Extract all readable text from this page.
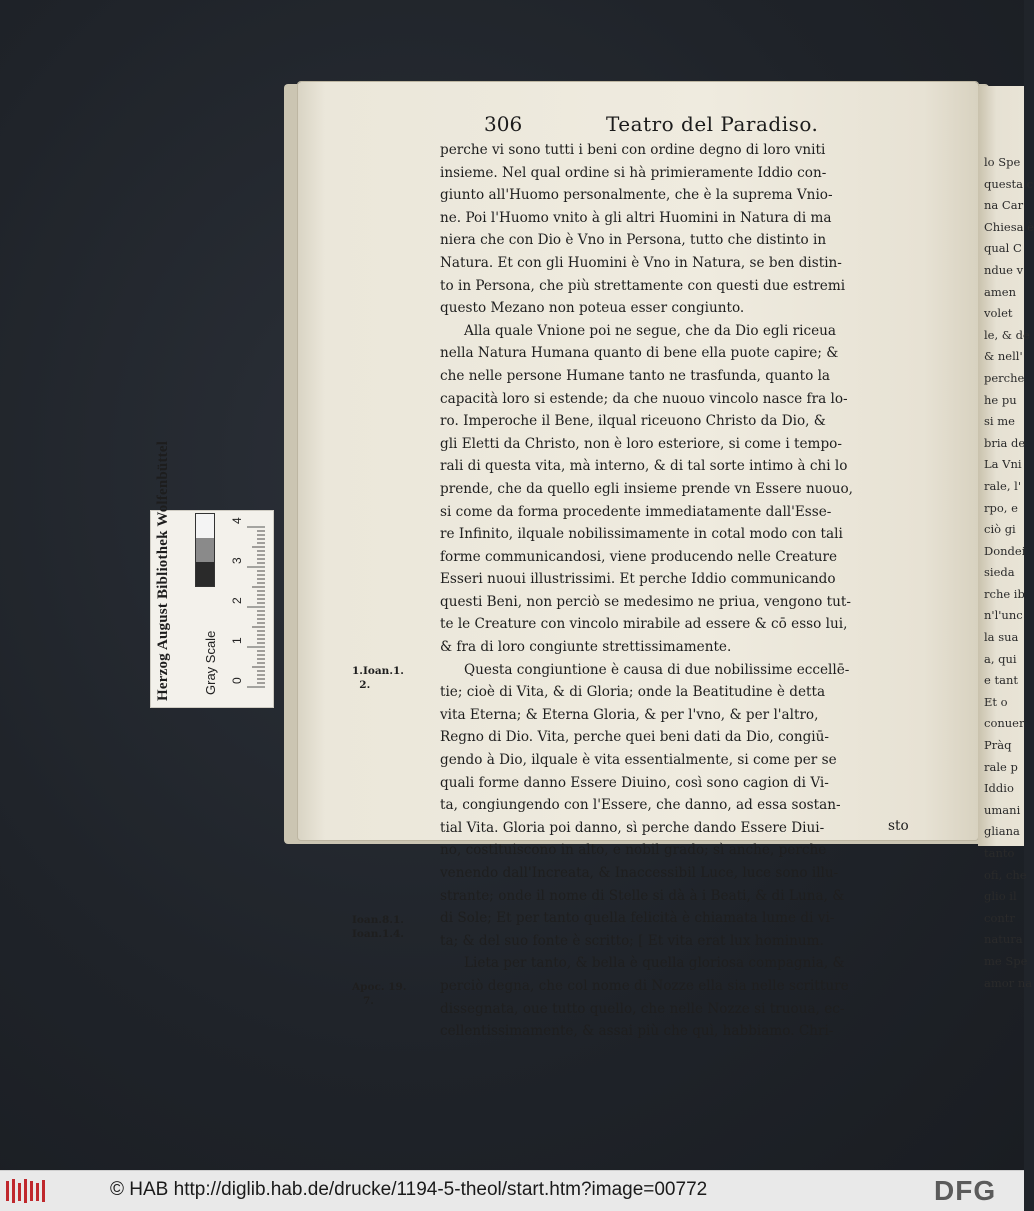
Herzog August Bibliothek Wolfenbüttel Gray Scale 0
1
2
3
4
lo Spe
questa c
na Car
Chiesa è
qual C
ndue v
amen
volet
le, & de
& nell'
perche
he pu
si me
bria de
La Vni
rale, l'
rpo, e
ciò gi
Dondei
sieda
rche ib
n'l'unc
la sua
a, qui
e tant
Et o
conuer
Pràq
rale p
Iddio
umani
gliana
tanto
ofi, che
glio il
contr
natura
me Spe
amor na
306	Teatro del Paradiso.
perche vi sono tutti i beni con ordine degno di loro vniti
insieme. Nel qual ordine si hà primieramente Iddio con-
giunto all'Huomo personalmente, che è la suprema Vnio-
ne. Poi l'Huomo vnito à gli altri Huomini in Natura di ma
niera che con Dio è Vno in Persona, tutto che distinto in
Natura. Et con gli Huomini è Vno in Natura, se ben distin-
to in Persona, che più strettamente con questi due estremi
questo Mezano non poteua esser congiunto.
Alla quale Vnione poi ne segue, che da Dio egli riceua
nella Natura Humana quanto di bene ella puote capire; &
che nelle persone Humane tanto ne trasfunda, quanto la
capacità loro si estende; da che nuouo vincolo nasce fra lo-
ro. Imperoche il Bene, ilqual riceuono Christo da Dio, &
gli Eletti da Christo, non è loro esteriore, si come i tempo-
rali di questa vita, mà interno, & di tal sorte intimo à chi lo
prende, che da quello egli insieme prende vn Essere nuouo,
si come da forma procedente immediatamente dall'Esse-
re Infinito, ilquale nobilissimamente in cotal modo con tali
forme communicandosi, viene producendo nelle Creature
Esseri nuoui illustrissimi. Et perche Iddio communicando
questi Beni, non perciò se medesimo ne priua, vengono tut-
te le Creature con vincolo mirabile ad essere & cō esso lui,
& fra di loro congiunte strettissimamente.
Questa congiuntione è causa di due nobilissime eccellē-
tie; cioè di Vita, & di Gloria; onde la Beatitudine è detta
vita Eterna; & Eterna Gloria, & per l'vno, & per l'altro,
Regno di Dio. Vita, perche quei beni dati da Dio, congiū-
gendo à Dio, ilquale è vita essentialmente, si come per se
quali forme danno Essere Diuino, così sono cagion di Vi-
ta, congiungendo con l'Essere, che danno, ad essa sostan-
tial Vita. Gloria poi danno, sì perche dando Essere Diui-
no, costituiscono in alto, e nobil grado; sì anche, perche
venendo dall'Increata, & Inaccessibil Luce, luce sono illu-
strante; onde il nome di Stelle si dà à i Beati, & di Luna, &
di Sole; Et per tanto quella felicità è chiamata lume di vi-
ta; & del suo fonte è scritto; [ Et vita erat lux hominum.
Lieta per tanto, & bella è quella gloriosa compagnia, &
perciò degna, che col nome di Nozze ella sia nelle scritture
dissegnata, oue tutto quello, che nelle Nozze si truoua, ec-
cellentissimamente, & assai più che quì, habbiamo. Chri-
1.Ioan.1.
2.
Ioan.8.1.
Ioan.1.4.
Apoc. 19.
7.
sto
© HAB http://diglib.hab.de/drucke/1194-5-theol/start.htm?image=00772	DFG
